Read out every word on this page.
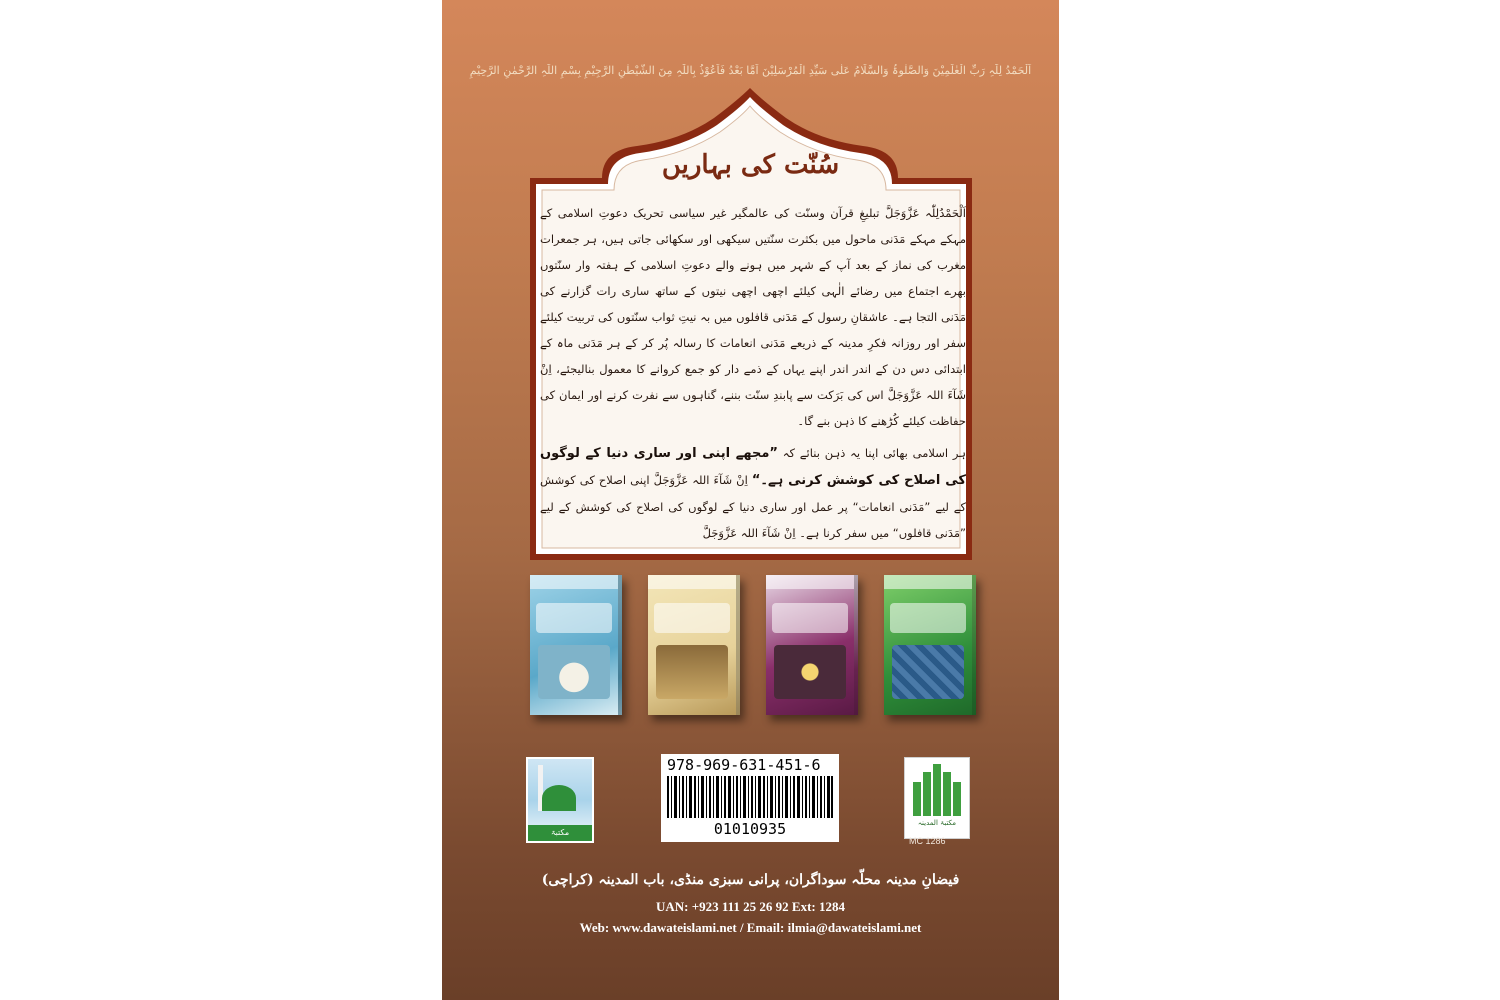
اَلْحَمْدُ لِلّٰہِ رَبِّ الْعٰلَمِیْنَ وَالصَّلٰوۃُ وَالسَّلَامُ عَلٰی سَیِّدِ الْمُرْسَلِیْنَ اَمَّا بَعْدُ فَاَعُوْذُ بِاللّٰہِ مِنَ الشَّیْطٰنِ الرَّجِیْمِ بِسْمِ اللّٰہِ الرَّحْمٰنِ الرَّحِیْمِ
سُنّت کی بہاریں

اَلْحَمْدُلِلّٰہ عَزَّوَجَلَّ تبلیغِ قرآن وسنّت کی عالمگیر غیر سیاسی تحریک دعوتِ اسلامی کے مہکے مہکے مَدَنی ماحول میں بکثرت سنّتیں سیکھی اور سکھائی جاتی ہیں، ہر جمعرات مغرب کی نماز کے بعد آپ کے شہر میں ہونے والے دعوتِ اسلامی کے ہفتہ وار سنّتوں بھرے اجتماع میں رضائے الٰہی کیلئے اچھی اچھی نیتوں کے ساتھ ساری رات گزارنے کی مَدَنی التجا ہے۔ عاشقانِ رسول کے مَدَنی قافلوں میں بہ نیتِ ثواب سنّتوں کی تربیت کیلئے سفر اور روزانہ فکرِ مدینہ کے ذریعے مَدَنی انعامات کا رسالہ پُر کر کے ہر مَدَنی ماہ کے ابتدائی دس دن کے اندر اندر اپنے یہاں کے ذمے دار کو جمع کروانے کا معمول بنالیجئے، اِنْ شَآءَ اللہ عَزَّوَجَلَّ اس کی بَرَکت سے پابندِ سنّت بننے، گناہوں سے نفرت کرنے اور ایمان کی حفاظت کیلئے کُڑھنے کا ذہن بنے گا۔

ہر اسلامی بھائی اپنا یہ ذہن بنائے کہ ”مجھے اپنی اور ساری دنیا کے لوگوں کی اصلاح کی کوشش کرنی ہے۔“ اِنْ شَآءَ اللہ عَزَّوَجَلَّ اپنی اصلاح کی کوشش کے لیے ”مَدَنی انعامات“ پر عمل اور ساری دنیا کے لوگوں کی اصلاح کی کوشش کے لیے ”مَدَنی قافلوں“ میں سفر کرنا ہے۔ اِنْ شَآءَ اللہ عَزَّوَجَلَّ

مکتبۃ
978-969-631-451-6
01010935	مکتبۃ المدینہ
MC 1286
فیضانِ مدینہ محلّہ سوداگران، پرانی سبزی منڈی، باب المدینہ (کراچی)
UAN: +923 111 25 26 92 Ext: 1284
Web: www.dawateislami.net / Email: ilmia@dawateislami.net
